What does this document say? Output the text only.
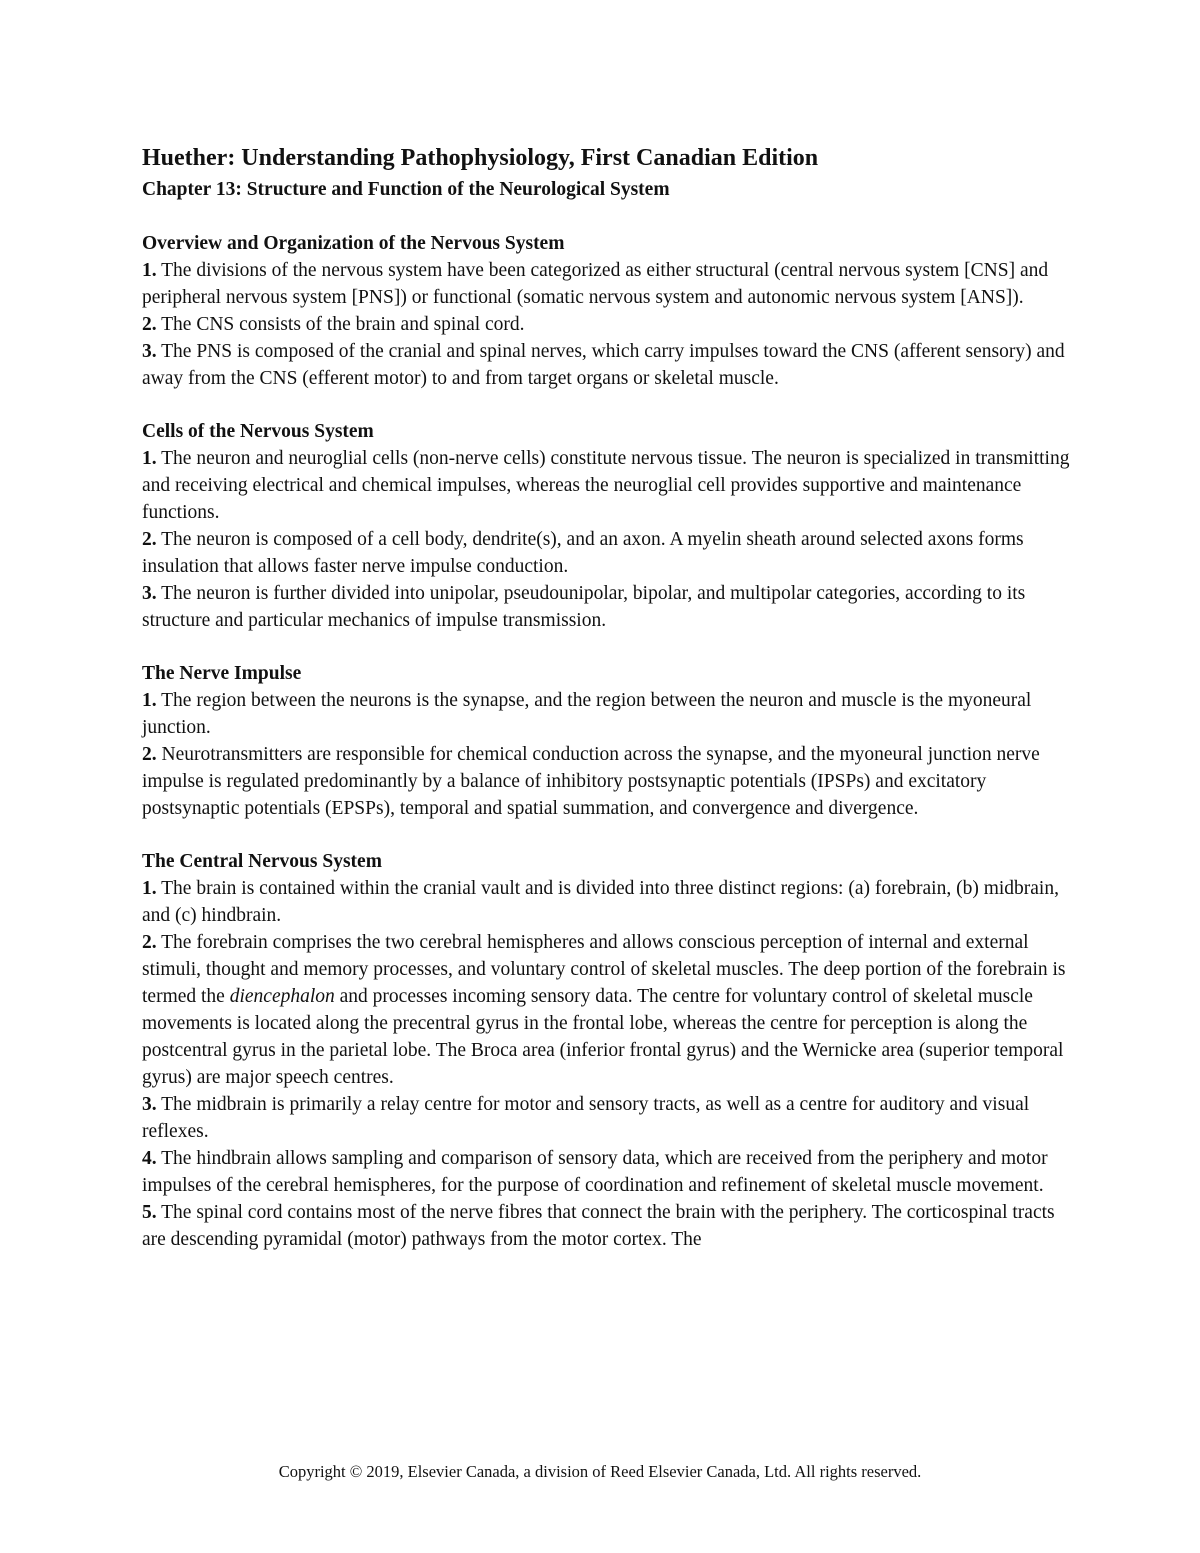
Huether: Understanding Pathophysiology, First Canadian Edition
Chapter 13: Structure and Function of the Neurological System
Overview and Organization of the Nervous System

1. The divisions of the nervous system have been categorized as either structural (central nervous system [CNS] and peripheral nervous system [PNS]) or functional (somatic nervous system and autonomic nervous system [ANS]).

2. The CNS consists of the brain and spinal cord.

3. The PNS is composed of the cranial and spinal nerves, which carry impulses toward the CNS (afferent sensory) and away from the CNS (efferent motor) to and from target organs or skeletal muscle.

Cells of the Nervous System

1. The neuron and neuroglial cells (non-nerve cells) constitute nervous tissue. The neuron is specialized in transmitting and receiving electrical and chemical impulses, whereas the neuroglial cell provides supportive and maintenance functions.

2. The neuron is composed of a cell body, dendrite(s), and an axon. A myelin sheath around selected axons forms insulation that allows faster nerve impulse conduction.

3. The neuron is further divided into unipolar, pseudounipolar, bipolar, and multipolar categories, according to its structure and particular mechanics of impulse transmission.

The Nerve Impulse

1. The region between the neurons is the synapse, and the region between the neuron and muscle is the myoneural junction.

2. Neurotransmitters are responsible for chemical conduction across the synapse, and the myoneural junction nerve impulse is regulated predominantly by a balance of inhibitory postsynaptic potentials (IPSPs) and excitatory postsynaptic potentials (EPSPs), temporal and spatial summation, and convergence and divergence.

The Central Nervous System

1. The brain is contained within the cranial vault and is divided into three distinct regions: (a) forebrain, (b) midbrain, and (c) hindbrain.

2. The forebrain comprises the two cerebral hemispheres and allows conscious perception of internal and external stimuli, thought and memory processes, and voluntary control of skeletal muscles. The deep portion of the forebrain is termed the diencephalon and processes incoming sensory data. The centre for voluntary control of skeletal muscle movements is located along the precentral gyrus in the frontal lobe, whereas the centre for perception is along the postcentral gyrus in the parietal lobe. The Broca area (inferior frontal gyrus) and the Wernicke area (superior temporal gyrus) are major speech centres.

3. The midbrain is primarily a relay centre for motor and sensory tracts, as well as a centre for auditory and visual reflexes.

4. The hindbrain allows sampling and comparison of sensory data, which are received from the periphery and motor impulses of the cerebral hemispheres, for the purpose of coordination and refinement of skeletal muscle movement.

5. The spinal cord contains most of the nerve fibres that connect the brain with the periphery. The corticospinal tracts are descending pyramidal (motor) pathways from the motor cortex. The

Copyright © 2019, Elsevier Canada, a division of Reed Elsevier Canada, Ltd. All rights reserved.
